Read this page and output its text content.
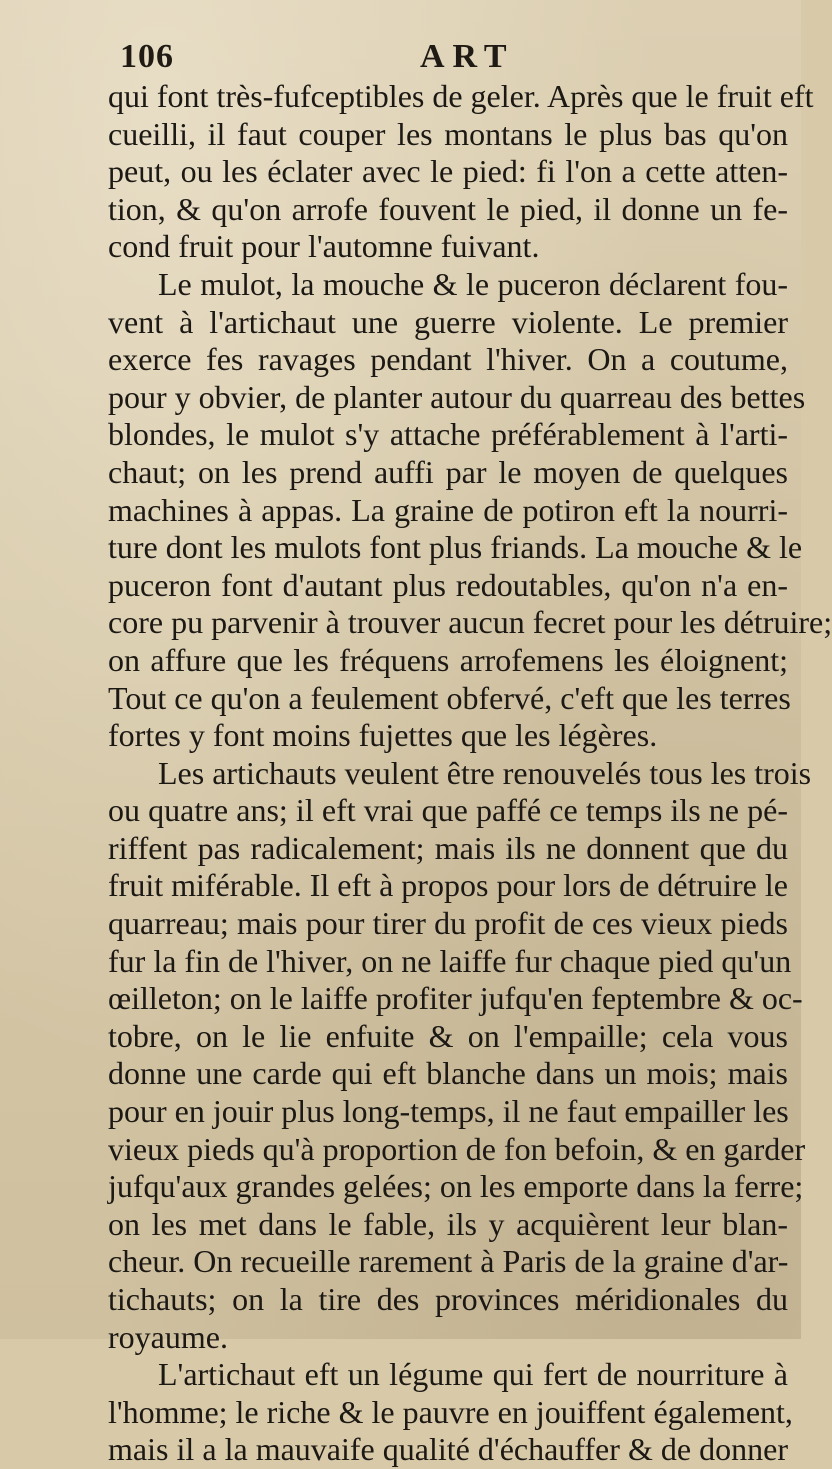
106	ART
qui font très-fufceptibles de geler. Après que le fruit eft
cueilli, il faut couper les montans le plus bas qu'on
peut, ou les éclater avec le pied: fi l'on a cette atten-
tion, & qu'on arrofe fouvent le pied, il donne un fe-
cond fruit pour l'automne fuivant.
Le mulot, la mouche & le puceron déclarent fou-
vent à l'artichaut une guerre violente. Le premier
exerce fes ravages pendant l'hiver. On a coutume,
pour y obvier, de planter autour du quarreau des bettes
blondes, le mulot s'y attache préférablement à l'arti-
chaut; on les prend auffi par le moyen de quelques
machines à appas. La graine de potiron eft la nourri-
ture dont les mulots font plus friands. La mouche & le
puceron font d'autant plus redoutables, qu'on n'a en-
core pu parvenir à trouver aucun fecret pour les détruire;
on affure que les fréquens arrofemens les éloignent;
Tout ce qu'on a feulement obfervé, c'eft que les terres
fortes y font moins fujettes que les légères.
Les artichauts veulent être renouvelés tous les trois
ou quatre ans; il eft vrai que paffé ce temps ils ne pé-
riffent pas radicalement; mais ils ne donnent que du
fruit miférable. Il eft à propos pour lors de détruire le
quarreau; mais pour tirer du profit de ces vieux pieds
fur la fin de l'hiver, on ne laiffe fur chaque pied qu'un
œilleton; on le laiffe profiter jufqu'en feptembre & oc-
tobre, on le lie enfuite & on l'empaille; cela vous
donne une carde qui eft blanche dans un mois; mais
pour en jouir plus long-temps, il ne faut empailler les
vieux pieds qu'à proportion de fon befoin, & en garder
jufqu'aux grandes gelées; on les emporte dans la ferre;
on les met dans le fable, ils y acquièrent leur blan-
cheur. On recueille rarement à Paris de la graine d'ar-
tichauts; on la tire des provinces méridionales du
royaume.
L'artichaut eft un légume qui fert de nourriture à
l'homme; le riche & le pauvre en jouiffent également,
mais il a la mauvaife qualité d'échauffer & de donner
